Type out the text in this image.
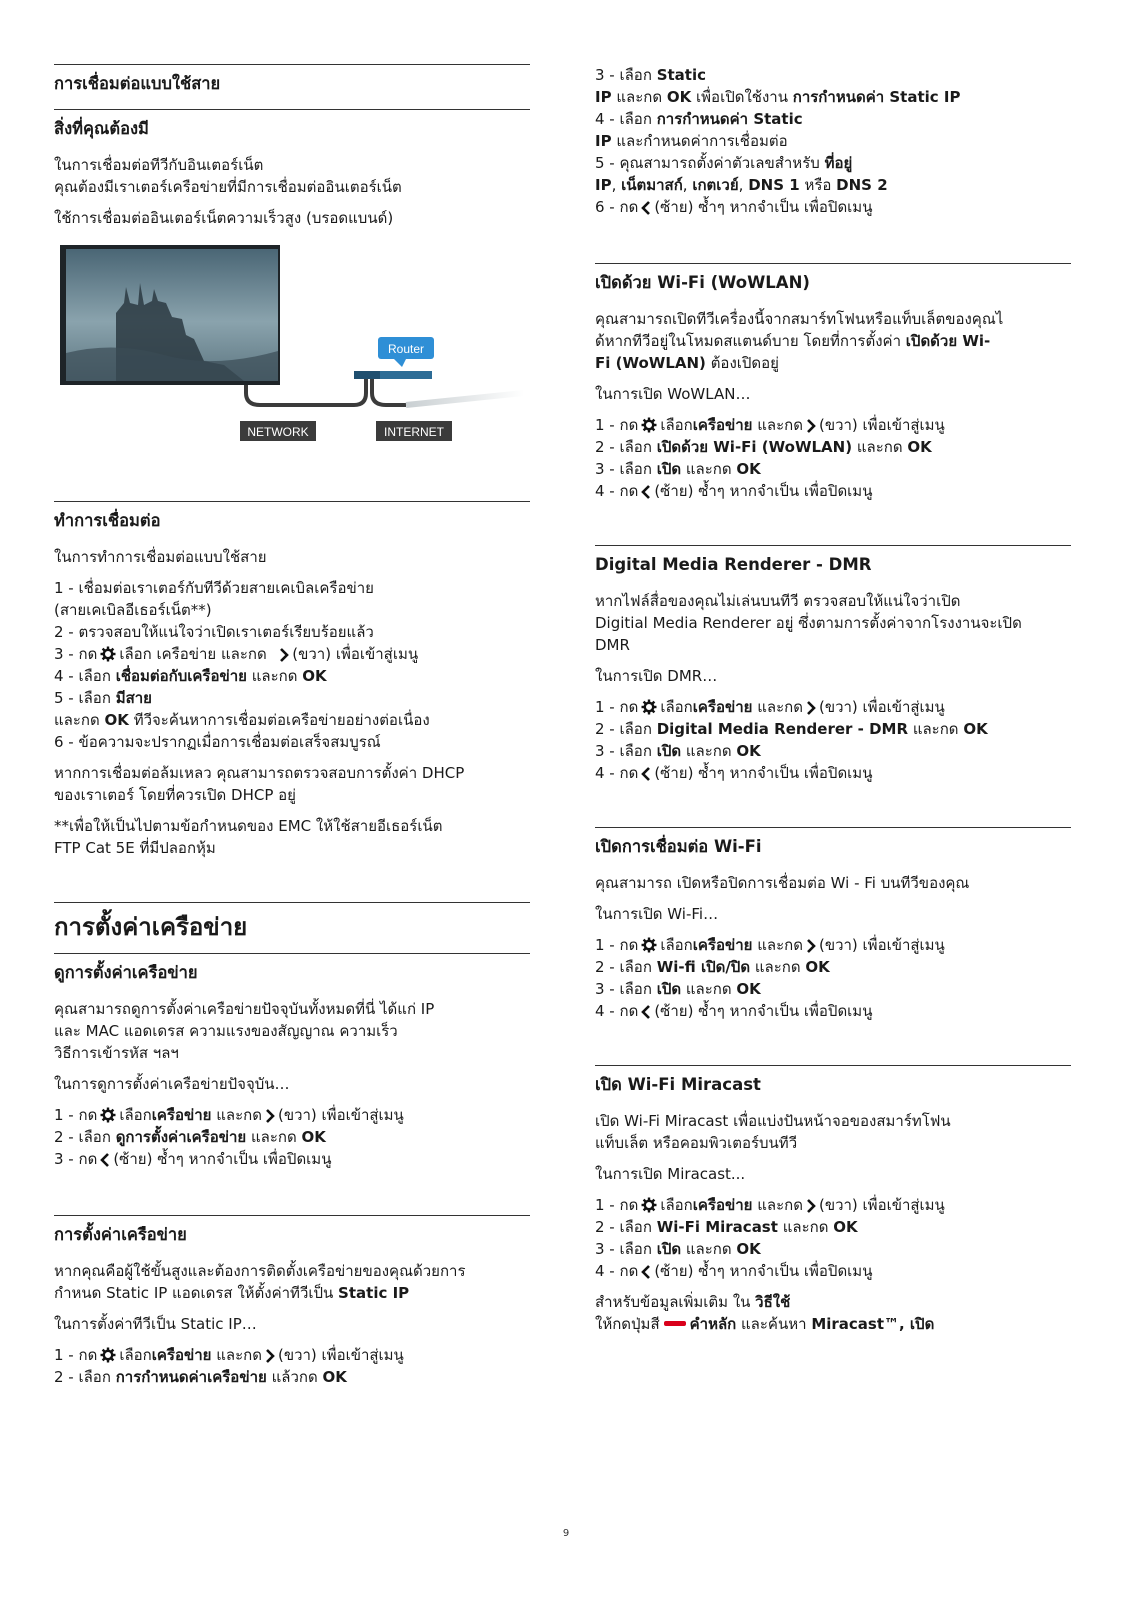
การเชื่อมต่อแบบใช้สาย
สิ่งที่คุณต้องมี

ในการเชื่อมต่อทีวีกับอินเตอร์เน็ต
คุณต้องมีเราเตอร์เครือข่ายที่มีการเชื่อมต่ออินเตอร์เน็ต

ใช้การเชื่อมต่ออินเตอร์เน็ตความเร็วสูง (บรอดแบนด์)

Router
NETWORK	INTERNET
ทำการเชื่อมต่อ

ในการทำการเชื่อมต่อแบบใช้สาย

1 - เชื่อมต่อเราเตอร์กับทีวีด้วยสายเคเบิลเครือข่าย
(สายเคเบิลอีเธอร์เน็ต**)
2 - ตรวจสอบให้แน่ใจว่าเปิดเราเตอร์เรียบร้อยแล้ว
3 - กด เลือก เครือข่าย และกด (ขวา) เพื่อเข้าสู่เมนู
4 - เลือก เชื่อมต่อกับเครือข่าย และกด OK
5 - เลือก มีสาย
และกด OK ทีวีจะค้นหาการเชื่อมต่อเครือข่ายอย่างต่อเนื่อง
6 - ข้อความจะปรากฏเมื่อการเชื่อมต่อเสร็จสมบูรณ์

หากการเชื่อมต่อล้มเหลว คุณสามารถตรวจสอบการตั้งค่า DHCP
ของเราเตอร์ โดยที่ควรเปิด DHCP อยู่

**เพื่อให้เป็นไปตามข้อกำหนดของ EMC ให้ใช้สายอีเธอร์เน็ต
FTP Cat 5E ที่มีปลอกหุ้ม

การตั้งค่าเครือข่าย
ดูการตั้งค่าเครือข่าย

คุณสามารถดูการตั้งค่าเครือข่ายปัจจุบันทั้งหมดที่นี่ ได้แก่ IP
และ MAC แอดเดรส ความแรงของสัญญาณ ความเร็ว
วิธีการเข้ารหัส ฯลฯ

ในการดูการตั้งค่าเครือข่ายปัจจุบัน…

1 - กด เลือกเครือข่าย และกด (ขวา) เพื่อเข้าสู่เมนู
2 - เลือก ดูการตั้งค่าเครือข่าย และกด OK
3 - กด (ซ้าย) ซ้ำๆ หากจำเป็น เพื่อปิดเมนู
การตั้งค่าเครือข่าย

หากคุณคือผู้ใช้ขั้นสูงและต้องการติดตั้งเครือข่ายของคุณด้วยการ
กำหนด Static IP แอดเดรส ให้ตั้งค่าทีวีเป็น Static IP

ในการตั้งค่าทีวีเป็น Static IP…

1 - กด เลือกเครือข่าย และกด (ขวา) เพื่อเข้าสู่เมนู
2 - เลือก การกำหนดค่าเครือข่าย แล้วกด OK
3 - เลือก Static
IP และกด OK เพื่อเปิดใช้งาน การกำหนดค่า Static IP
4 - เลือก การกำหนดค่า Static
IP และกำหนดค่าการเชื่อมต่อ
5 - คุณสามารถตั้งค่าตัวเลขสำหรับ ที่อยู่
IP, เน็ตมาสก์, เกตเวย์, DNS 1 หรือ DNS 2
6 - กด (ซ้าย) ซ้ำๆ หากจำเป็น เพื่อปิดเมนู
เปิดด้วย Wi-Fi (WoWLAN)

คุณสามารถเปิดทีวีเครื่องนี้จากสมาร์ทโฟนหรือแท็บเล็ตของคุณไ
ด้หากทีวีอยู่ในโหมดสแตนด์บาย โดยที่การตั้งค่า เปิดด้วย Wi-
Fi (WoWLAN) ต้องเปิดอยู่

ในการเปิด WoWLAN…

1 - กด เลือกเครือข่าย และกด (ขวา) เพื่อเข้าสู่เมนู
2 - เลือก เปิดด้วย Wi-Fi (WoWLAN) และกด OK
3 - เลือก เปิด และกด OK
4 - กด (ซ้าย) ซ้ำๆ หากจำเป็น เพื่อปิดเมนู
Digital Media Renderer - DMR

หากไฟล์สื่อของคุณไม่เล่นบนทีวี ตรวจสอบให้แน่ใจว่าเปิด
Digitial Media Renderer อยู่ ซึ่งตามการตั้งค่าจากโรงงานจะเปิด
DMR

ในการเปิด DMR…

1 - กด เลือกเครือข่าย และกด (ขวา) เพื่อเข้าสู่เมนู
2 - เลือก Digital Media Renderer - DMR และกด OK
3 - เลือก เปิด และกด OK
4 - กด (ซ้าย) ซ้ำๆ หากจำเป็น เพื่อปิดเมนู
เปิดการเชื่อมต่อ Wi-Fi

คุณสามารถ เปิดหรือปิดการเชื่อมต่อ Wi - Fi บนทีวีของคุณ

ในการเปิด Wi-Fi…

1 - กด เลือกเครือข่าย และกด (ขวา) เพื่อเข้าสู่เมนู
2 - เลือก Wi-fi เปิด/ปิด และกด OK
3 - เลือก เปิด และกด OK
4 - กด (ซ้าย) ซ้ำๆ หากจำเป็น เพื่อปิดเมนู
เปิด Wi-Fi Miracast

เปิด Wi-Fi Miracast เพื่อแบ่งปันหน้าจอของสมาร์ทโฟน
แท็บเล็ต หรือคอมพิวเตอร์บนทีวี

ในการเปิด Miracast...

1 - กด เลือกเครือข่าย และกด (ขวา) เพื่อเข้าสู่เมนู
2 - เลือก Wi-Fi Miracast และกด OK
3 - เลือก เปิด และกด OK
4 - กด (ซ้าย) ซ้ำๆ หากจำเป็น เพื่อปิดเมนู

สำหรับข้อมูลเพิ่มเติม ใน วิธีใช้
ให้กดปุ่มสี คำหลัก และค้นหา Miracast™, เปิด

9
